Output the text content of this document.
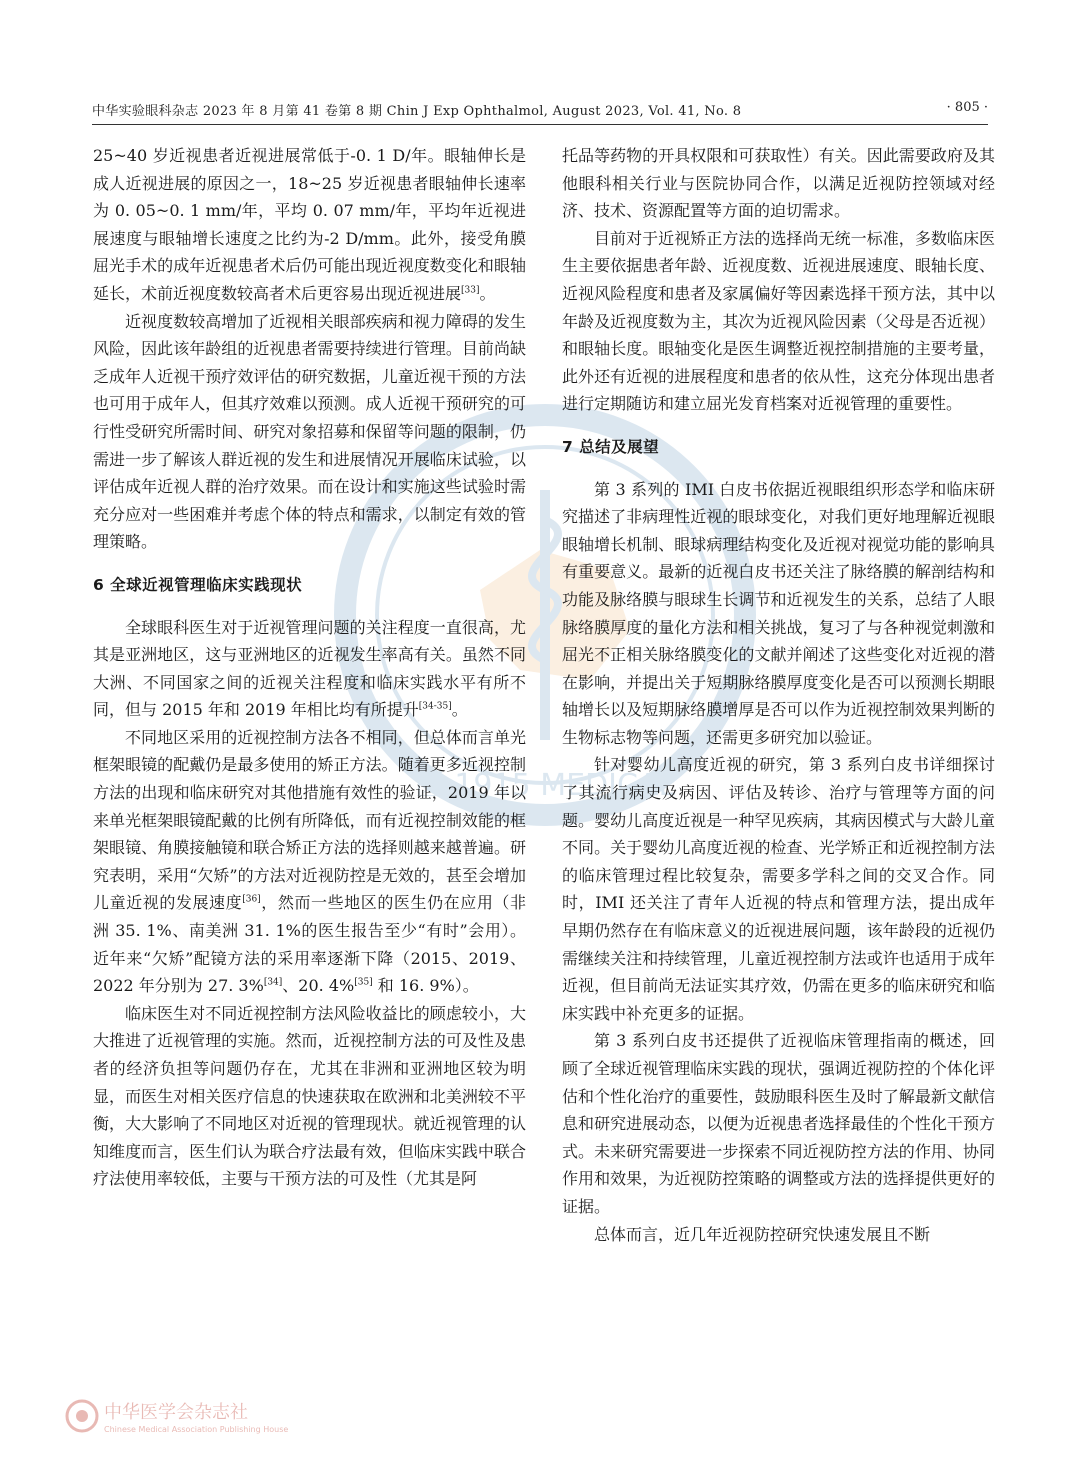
中华实验眼科杂志 2023 年 8 月第 41 卷第 8 期 Chin J Exp Ophthalmol, August 2023, Vol. 41, No. 8	· 805 ·
医 1915 MEDICAL

25~40 岁近视患者近视进展常低于-0. 1 D/年。眼轴伸长是成人近视进展的原因之一，18~25 岁近视患者眼轴伸长速率为 0. 05~0. 1 mm/年，平均 0. 07 mm/年，平均年近视进展速度与眼轴增长速度之比约为-2 D/mm。此外，接受角膜屈光手术的成年近视患者术后仍可能出现近视度数变化和眼轴延长，术前近视度数较高者术后更容易出现近视进展[33]。

近视度数较高增加了近视相关眼部疾病和视力障碍的发生风险，因此该年龄组的近视患者需要持续进行管理。目前尚缺乏成年人近视干预疗效评估的研究数据，儿童近视干预的方法也可用于成年人，但其疗效难以预测。成人近视干预研究的可行性受研究所需时间、研究对象招募和保留等问题的限制，仍需进一步了解该人群近视的发生和进展情况开展临床试验，以评估成年近视人群的治疗效果。而在设计和实施这些试验时需充分应对一些困难并考虑个体的特点和需求，以制定有效的管理策略。

6 全球近视管理临床实践现状

全球眼科医生对于近视管理问题的关注程度一直很高，尤其是亚洲地区，这与亚洲地区的近视发生率高有关。虽然不同大洲、不同国家之间的近视关注程度和临床实践水平有所不同，但与 2015 年和 2019 年相比均有所提升[34-35]。

不同地区采用的近视控制方法各不相同，但总体而言单光框架眼镜的配戴仍是最多使用的矫正方法。随着更多近视控制方法的出现和临床研究对其他措施有效性的验证，2019 年以来单光框架眼镜配戴的比例有所降低，而有近视控制效能的框架眼镜、角膜接触镜和联合矫正方法的选择则越来越普遍。研究表明，采用“欠矫”的方法对近视防控是无效的，甚至会增加儿童近视的发展速度[36]，然而一些地区的医生仍在应用（非洲 35. 1%、南美洲 31. 1%的医生报告至少“有时”会用）。近年来“欠矫”配镜方法的采用率逐渐下降（2015、2019、2022 年分别为 27. 3%[34]、20. 4%[35] 和 16. 9%）。

临床医生对不同近视控制方法风险收益比的顾虑较小，大大推进了近视管理的实施。然而，近视控制方法的可及性及患者的经济负担等问题仍存在，尤其在非洲和亚洲地区较为明显，而医生对相关医疗信息的快速获取在欧洲和北美洲较不平衡，大大影响了不同地区对近视的管理现状。就近视管理的认知维度而言，医生们认为联合疗法最有效，但临床实践中联合疗法使用率较低，主要与干预方法的可及性（尤其是阿

托品等药物的开具权限和可获取性）有关。因此需要政府及其他眼科相关行业与医院协同合作，以满足近视防控领域对经济、技术、资源配置等方面的迫切需求。

目前对于近视矫正方法的选择尚无统一标准，多数临床医生主要依据患者年龄、近视度数、近视进展速度、眼轴长度、近视风险程度和患者及家属偏好等因素选择干预方法，其中以年龄及近视度数为主，其次为近视风险因素（父母是否近视）和眼轴长度。眼轴变化是医生调整近视控制措施的主要考量，此外还有近视的进展程度和患者的依从性，这充分体现出患者进行定期随访和建立屈光发育档案对近视管理的重要性。

7 总结及展望

第 3 系列的 IMI 白皮书依据近视眼组织形态学和临床研究描述了非病理性近视的眼球变化，对我们更好地理解近视眼眼轴增长机制、眼球病理结构变化及近视对视觉功能的影响具有重要意义。最新的近视白皮书还关注了脉络膜的解剖结构和功能及脉络膜与眼球生长调节和近视发生的关系，总结了人眼脉络膜厚度的量化方法和相关挑战，复习了与各种视觉刺激和屈光不正相关脉络膜变化的文献并阐述了这些变化对近视的潜在影响，并提出关于短期脉络膜厚度变化是否可以预测长期眼轴增长以及短期脉络膜增厚是否可以作为近视控制效果判断的生物标志物等问题，还需更多研究加以验证。

针对婴幼儿高度近视的研究，第 3 系列白皮书详细探讨了其流行病史及病因、评估及转诊、治疗与管理等方面的问题。婴幼儿高度近视是一种罕见疾病，其病因模式与大龄儿童不同。关于婴幼儿高度近视的检查、光学矫正和近视控制方法的临床管理过程比较复杂，需要多学科之间的交叉合作。同时，IMI 还关注了青年人近视的特点和管理方法，提出成年早期仍然存在有临床意义的近视进展问题，该年龄段的近视仍需继续关注和持续管理，儿童近视控制方法或许也适用于成年近视，但目前尚无法证实其疗效，仍需在更多的临床研究和临床实践中补充更多的证据。

第 3 系列白皮书还提供了近视临床管理指南的概述，回顾了全球近视管理临床实践的现状，强调近视防控的个体化评估和个性化治疗的重要性，鼓励眼科医生及时了解最新文献信息和研究进展动态，以便为近视患者选择最佳的个性化干预方式。未来研究需要进一步探索不同近视防控方法的作用、协同作用和效果，为近视防控策略的调整或方法的选择提供更好的证据。

总体而言，近几年近视防控研究快速发展且不断

中华医学会杂志社
Chinese Medical Association Publishing House
